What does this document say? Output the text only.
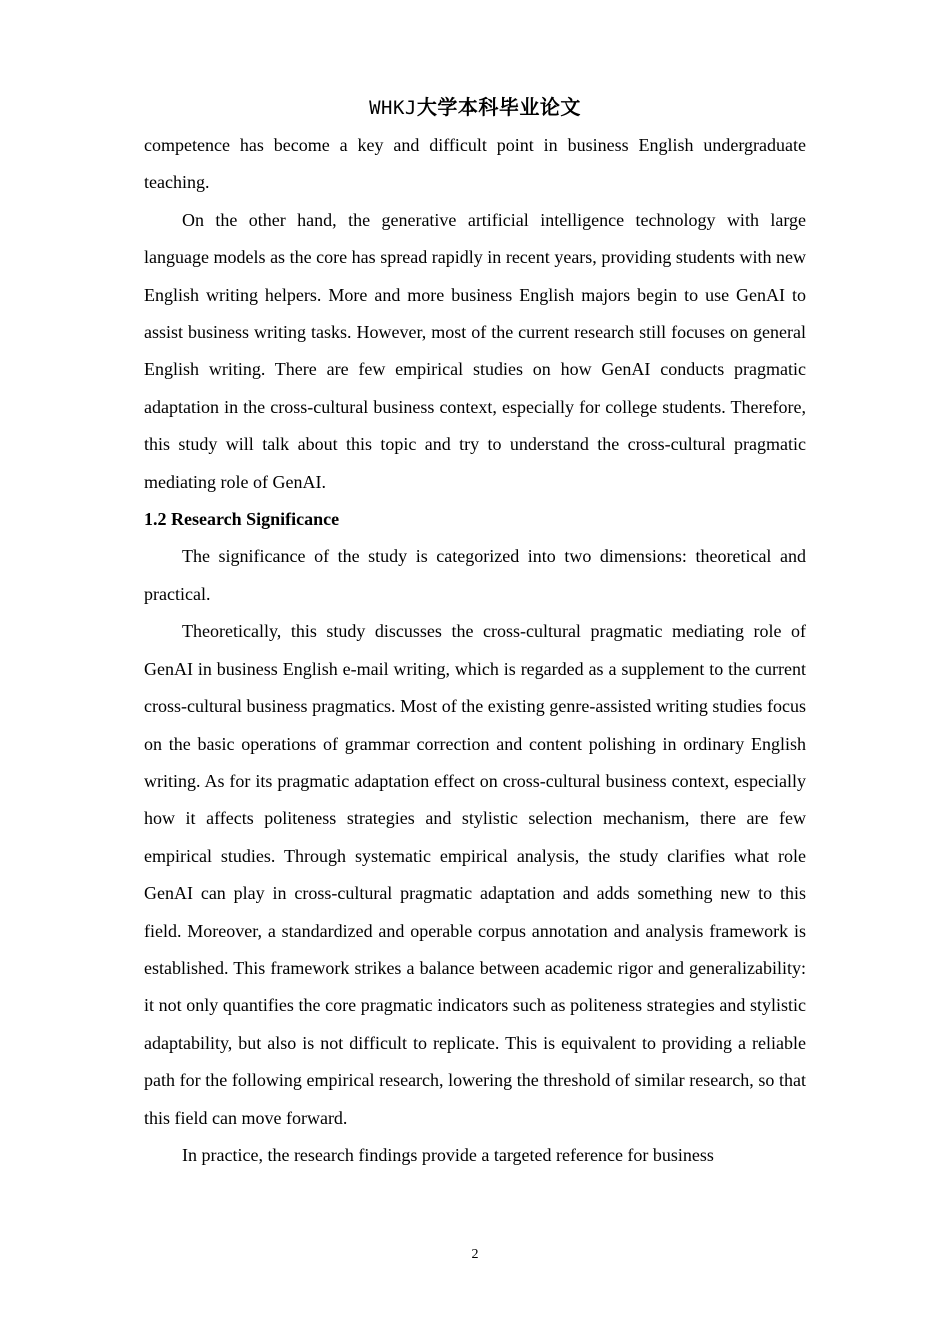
WHKJ大学本科毕业论文

competence has become a key and difficult point in business English undergraduate teaching.

On the other hand, the generative artificial intelligence technology with large language models as the core has spread rapidly in recent years, providing students with new English writing helpers. More and more business English majors begin to use GenAI to assist business writing tasks. However, most of the current research still focuses on general English writing. There are few empirical studies on how GenAI conducts pragmatic adaptation in the cross-cultural business context, especially for college students. Therefore, this study will talk about this topic and try to understand the cross-cultural pragmatic mediating role of GenAI.

1.2 Research Significance

The significance of the study is categorized into two dimensions: theoretical and practical.

Theoretically, this study discusses the cross-cultural pragmatic mediating role of GenAI in business English e-mail writing, which is regarded as a supplement to the current cross-cultural business pragmatics. Most of the existing genre-assisted writing studies focus on the basic operations of grammar correction and content polishing in ordinary English writing. As for its pragmatic adaptation effect on cross-cultural business context, especially how it affects politeness strategies and stylistic selection mechanism, there are few empirical studies. Through systematic empirical analysis, the study clarifies what role GenAI can play in cross-cultural pragmatic adaptation and adds something new to this field. Moreover, a standardized and operable corpus annotation and analysis framework is established. This framework strikes a balance between academic rigor and generalizability: it not only quantifies the core pragmatic indicators such as politeness strategies and stylistic adaptability, but also is not difficult to replicate. This is equivalent to providing a reliable path for the following empirical research, lowering the threshold of similar research, so that this field can move forward.

In practice, the research findings provide a targeted reference for business

2
